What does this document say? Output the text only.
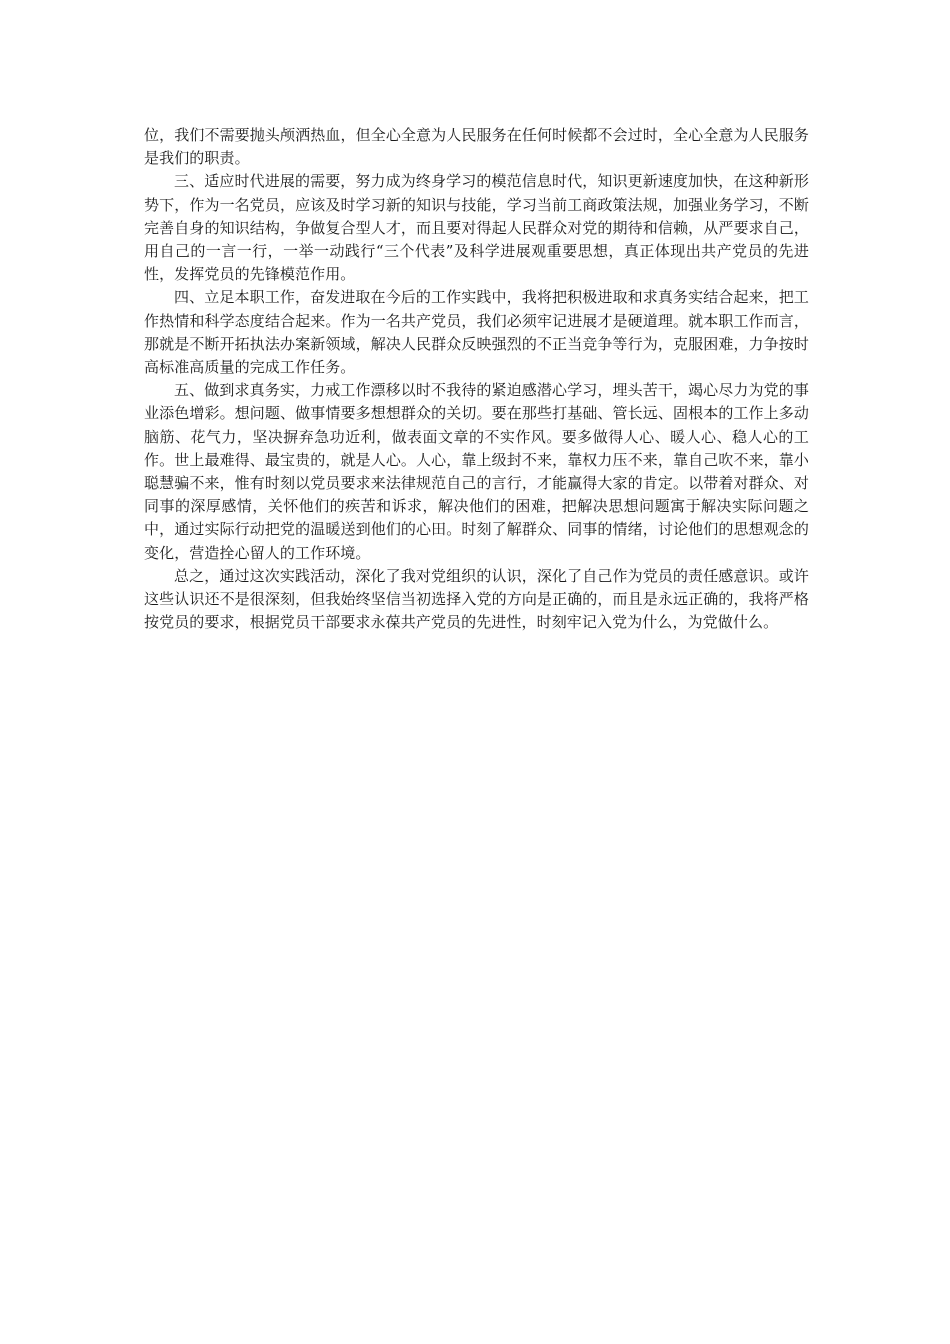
位，我们不需要抛头颅洒热血，但全心全意为人民服务在任何时候都不会过时，全心全意为人民服务是我们的职责。

三、适应时代进展的需要，努力成为终身学习的模范信息时代，知识更新速度加快，在这种新形势下，作为一名党员，应该及时学习新的知识与技能，学习当前工商政策法规，加强业务学习，不断完善自身的知识结构，争做复合型人才，而且要对得起人民群众对党的期待和信赖，从严要求自己，用自己的一言一行，一举一动践行“三个代表”及科学进展观重要思想，真正体现出共产党员的先进性，发挥党员的先锋模范作用。

四、立足本职工作，奋发进取在今后的工作实践中，我将把积极进取和求真务实结合起来，把工作热情和科学态度结合起来。作为一名共产党员，我们必须牢记进展才是硬道理。就本职工作而言，那就是不断开拓执法办案新领域，解决人民群众反映强烈的不正当竞争等行为，克服困难，力争按时高标准高质量的完成工作任务。

五、做到求真务实，力戒工作漂移以时不我待的紧迫感潜心学习，埋头苦干，竭心尽力为党的事业添色增彩。想问题、做事情要多想想群众的关切。要在那些打基础、管长远、固根本的工作上多动脑筋、花气力，坚决摒弃急功近利，做表面文章的不实作风。要多做得人心、暖人心、稳人心的工作。世上最难得、最宝贵的，就是人心。人心，靠上级封不来，靠权力压不来，靠自己吹不来，靠小聪慧骗不来，惟有时刻以党员要求来法律规范自己的言行，才能赢得大家的肯定。以带着对群众、对同事的深厚感情，关怀他们的疾苦和诉求，解决他们的困难，把解决思想问题寓于解决实际问题之中，通过实际行动把党的温暖送到他们的心田。时刻了解群众、同事的情绪，讨论他们的思想观念的变化，营造拴心留人的工作环境。

总之，通过这次实践活动，深化了我对党组织的认识，深化了自己作为党员的责任感意识。或许这些认识还不是很深刻，但我始终坚信当初选择入党的方向是正确的，而且是永远正确的，我将严格按党员的要求，根据党员干部要求永葆共产党员的先进性，时刻牢记入党为什么，为党做什么。
